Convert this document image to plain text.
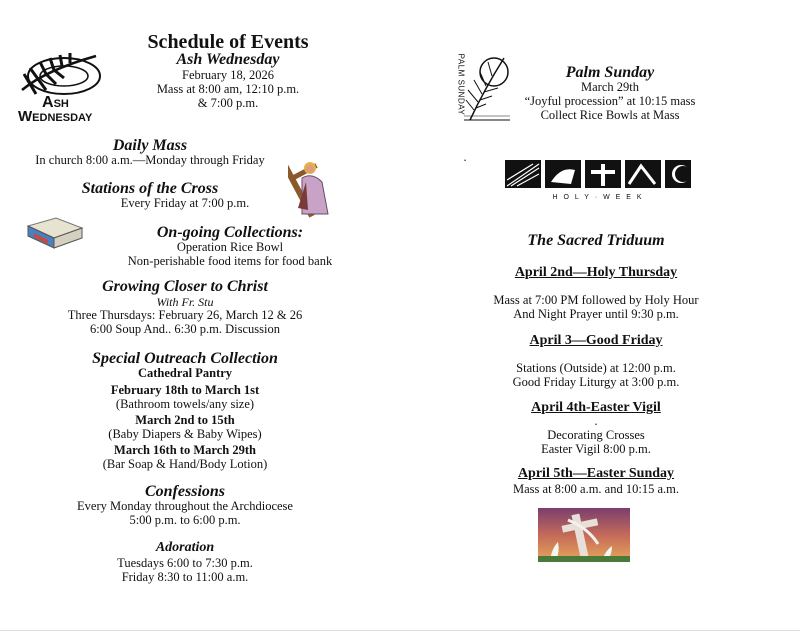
ASH
WEDNESDAY
Schedule of Events
Ash Wednesday
February 18, 2026
Mass at 8:00 am, 12:10 p.m.
& 7:00 p.m.
Daily Mass
In church 8:00 a.m.—Monday through Friday
Stations of the Cross
Every Friday at 7:00 p.m.
On-going Collections:
Operation Rice Bowl
Non-perishable food items for food bank
Growing Closer to Christ
With Fr. Stu
Three Thursdays: February 26, March 12 & 26
6:00 Soup And.. 6:30 p.m. Discussion
Special Outreach Collection
Cathedral Pantry
February 18th to March 1st
(Bathroom towels/any size)
March 2nd to 15th
(Baby Diapers & Baby Wipes)
March 16th to March 29th
(Bar Soap & Hand/Body Lotion)
Confessions
Every Monday throughout the Archdiocese
5:00 p.m. to 6:00 p.m.
Adoration
Tuesdays 6:00 to 7:30 p.m.
Friday 8:30 to 11:00 a.m.
PALM SUNDAY	Palm Sunday
March 29th
“Joyful procession” at 10:15 mass
Collect Rice Bowls at Mass
.
H O L Y · W E E K
The Sacred Triduum
April 2nd—Holy Thursday
Mass at 7:00 PM followed by Holy Hour
And Night Prayer until 9:30 p.m.
April 3—Good Friday
Stations (Outside) at 12:00 p.m.
Good Friday Liturgy at 3:00 p.m.
April 4th-Easter Vigil
.
Decorating Crosses
Easter Vigil 8:00 p.m.
April 5th—Easter Sunday
Mass at 8:00 a.m. and 10:15 a.m.
